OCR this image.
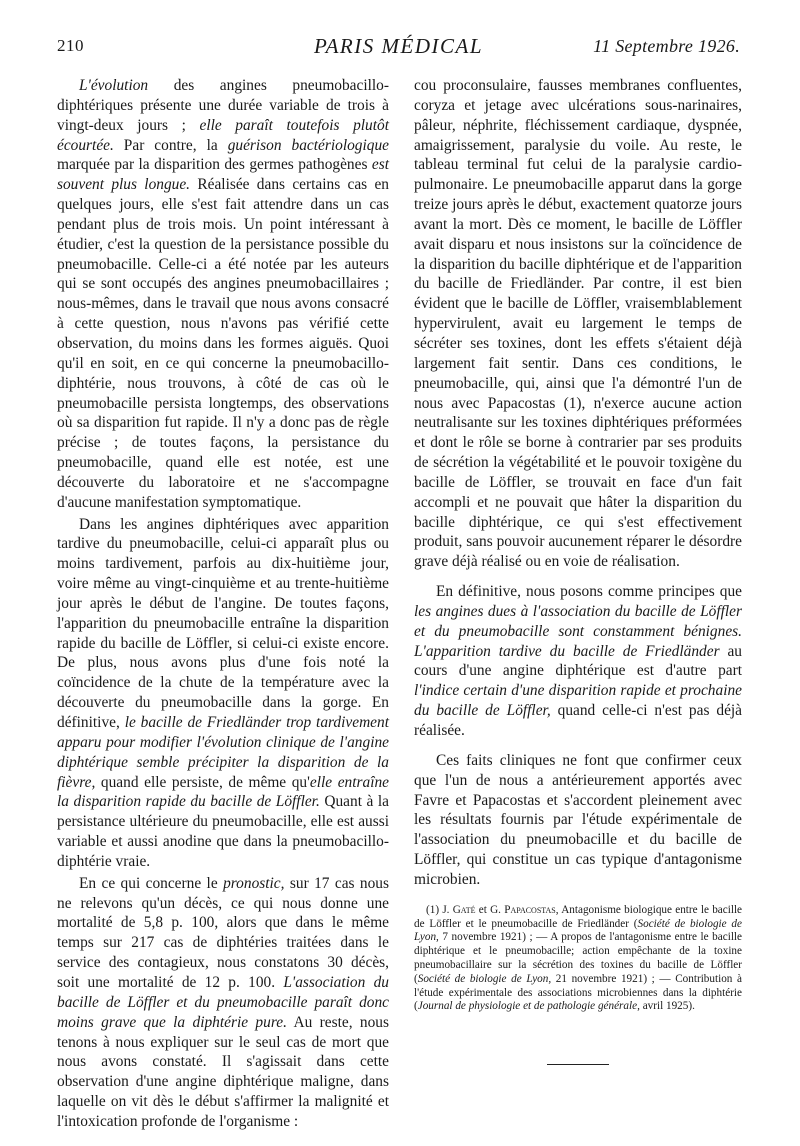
210	PARIS MÉDICAL	11 Septembre 1926.

L'évolution des angines pneumobacillo-diphtériques présente une durée variable de trois à vingt-deux jours ; elle paraît toutefois plutôt écourtée. Par contre, la guérison bactériologique marquée par la disparition des germes pathogènes est souvent plus longue. Réalisée dans certains cas en quelques jours, elle s'est fait attendre dans un cas pendant plus de trois mois. Un point intéressant à étudier, c'est la question de la persistance possible du pneumobacille. Celle-ci a été notée par les auteurs qui se sont occupés des angines pneumobacillaires ; nous-mêmes, dans le travail que nous avons consacré à cette question, nous n'avons pas vérifié cette observation, du moins dans les formes aiguës. Quoi qu'il en soit, en ce qui concerne la pneumobacillo-diphtérie, nous trouvons, à côté de cas où le pneumobacille persista longtemps, des observations où sa disparition fut rapide. Il n'y a donc pas de règle précise ; de toutes façons, la persistance du pneumobacille, quand elle est notée, est une découverte du laboratoire et ne s'accompagne d'aucune manifestation symptomatique.

Dans les angines diphtériques avec apparition tardive du pneumobacille, celui-ci apparaît plus ou moins tardivement, parfois au dix-huitième jour, voire même au vingt-cinquième et au trente-huitième jour après le début de l'angine. De toutes façons, l'apparition du pneumobacille entraîne la disparition rapide du bacille de Löffler, si celui-ci existe encore. De plus, nous avons plus d'une fois noté la coïncidence de la chute de la température avec la découverte du pneumobacille dans la gorge. En définitive, le bacille de Friedländer trop tardivement apparu pour modifier l'évolution clinique de l'angine diphtérique semble précipiter la disparition de la fièvre, quand elle persiste, de même qu'elle entraîne la disparition rapide du bacille de Löffler. Quant à la persistance ultérieure du pneumobacille, elle est aussi variable et aussi anodine que dans la pneumobacillo-diphtérie vraie.

En ce qui concerne le pronostic, sur 17 cas nous ne relevons qu'un décès, ce qui nous donne une mortalité de 5,8 p. 100, alors que dans le même temps sur 217 cas de diphtéries traitées dans le service des contagieux, nous constatons 30 décès, soit une mortalité de 12 p. 100. L'association du bacille de Löffler et du pneumobacille paraît donc moins grave que la diphtérie pure. Au reste, nous tenons à nous expliquer sur le seul cas de mort que nous avons constaté. Il s'agissait dans cette observation d'une angine diphtérique maligne, dans laquelle on vit dès le début s'affirmer la malignité et l'intoxication profonde de l'organisme :

cou proconsulaire, fausses membranes confluentes, coryza et jetage avec ulcérations sous-narinaires, pâleur, néphrite, fléchissement cardiaque, dyspnée, amaigrissement, paralysie du voile. Au reste, le tableau terminal fut celui de la paralysie cardio-pulmonaire. Le pneumobacille apparut dans la gorge treize jours après le début, exactement quatorze jours avant la mort. Dès ce moment, le bacille de Löffler avait disparu et nous insistons sur la coïncidence de la disparition du bacille diphtérique et de l'apparition du bacille de Friedländer. Par contre, il est bien évident que le bacille de Löffler, vraisemblablement hypervirulent, avait eu largement le temps de sécréter ses toxines, dont les effets s'étaient déjà largement fait sentir. Dans ces conditions, le pneumobacille, qui, ainsi que l'a démontré l'un de nous avec Papacostas (1), n'exerce aucune action neutralisante sur les toxines diphtériques préformées et dont le rôle se borne à contrarier par ses produits de sécrétion la végétabilité et le pouvoir toxigène du bacille de Löffler, se trouvait en face d'un fait accompli et ne pouvait que hâter la disparition du bacille diphtérique, ce qui s'est effectivement produit, sans pouvoir aucunement réparer le désordre grave déjà réalisé ou en voie de réalisation.

En définitive, nous posons comme principes que les angines dues à l'association du bacille de Löffler et du pneumobacille sont constamment bénignes. L'apparition tardive du bacille de Friedländer au cours d'une angine diphtérique est d'autre part l'indice certain d'une disparition rapide et prochaine du bacille de Löffler, quand celle-ci n'est pas déjà réalisée.

Ces faits cliniques ne font que confirmer ceux que l'un de nous a antérieurement apportés avec Favre et Papacostas et s'accordent pleinement avec les résultats fournis par l'étude expérimentale de l'association du pneumobacille et du bacille de Löffler, qui constitue un cas typique d'antagonisme microbien.

(1) J. Gaté et G. Papacostas, Antagonisme biologique entre le bacille de Löffler et le pneumobacille de Friedländer (Société de biologie de Lyon, 7 novembre 1921) ; — A propos de l'antagonisme entre le bacille diphtérique et le pneumobacille; action empêchante de la toxine pneumobacillaire sur la sécrétion des toxines du bacille de Löffler (Société de biologie de Lyon, 21 novembre 1921) ; — Contribution à l'étude expérimentale des associations microbiennes dans la diphtérie (Journal de physiologie et de pathologie générale, avril 1925).
